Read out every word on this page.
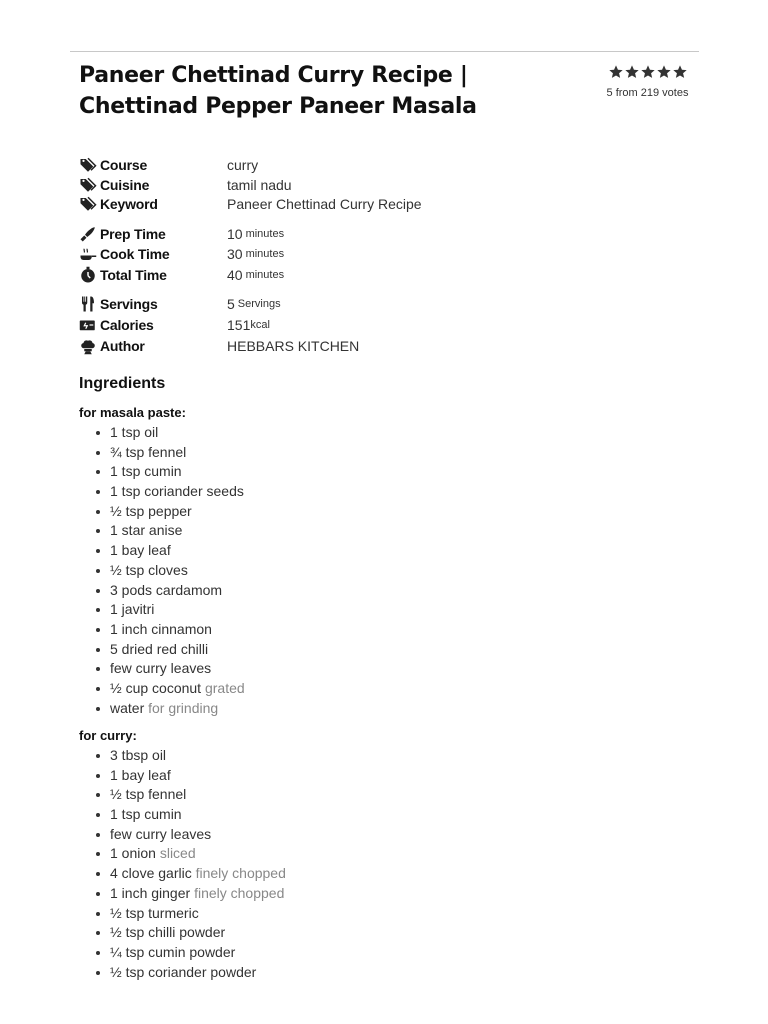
Paneer Chettinad Curry Recipe | Chettinad Pepper Paneer Masala
5 from 219 votes
Course	curry
Cuisine	tamil nadu
Keyword	Paneer Chettinad Curry Recipe
Prep Time	10 minutes
Cook Time	30 minutes
Total Time	40 minutes
Servings	5 Servings
Calories	151 kcal
Author	HEBBARS KITCHEN
Ingredients
for masala paste:
1 tsp oil
¾ tsp fennel
1 tsp cumin
1 tsp coriander seeds
½ tsp pepper
1 star anise
1 bay leaf
½ tsp cloves
3 pods cardamom
1 javitri
1 inch cinnamon
5 dried red chilli
few curry leaves
½ cup coconut grated
water for grinding
for curry:
3 tbsp oil
1 bay leaf
½ tsp fennel
1 tsp cumin
few curry leaves
1 onion sliced
4 clove garlic finely chopped
1 inch ginger finely chopped
½ tsp turmeric
½ tsp chilli powder
¼ tsp cumin powder
½ tsp coriander powder
